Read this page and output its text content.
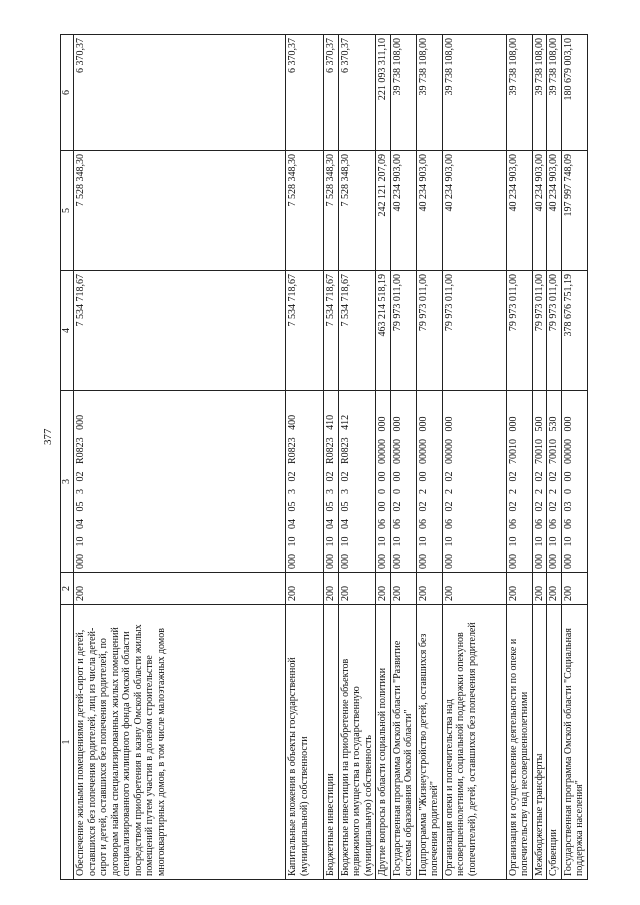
377
1	2	3	4	5	6
Обеспечение жилыми помещениями детей-сирот и детей, оставшихся без попечения родителей, лиц из числа детей-сирот и детей, оставшихся без попечения родителей, по договорам найма специализированных жилых помещений специализированного жилищного фонда Омской области посредством приобретения в казну Омской области жилых помещений путем участия в долевом строительстве многоквартирных домов, в том числе малоэтажных домов	200	000 10 04 05 3 02 R0823 000	7 534 718,67	7 528 348,30	6 370,37
Капитальные вложения в объекты государственной (муниципальной) собственности	200	000 10 04 05 3 02 R0823 400	7 534 718,67	7 528 348,30	6 370,37
Бюджетные инвестиции	200	000 10 04 05 3 02 R0823 410	7 534 718,67	7 528 348,30	6 370,37
Бюджетные инвестиции на приобретение объектов недвижимого имущества в государственную (муниципальную) собственность	200	000 10 04 05 3 02 R0823 412	7 534 718,67	7 528 348,30	6 370,37
Другие вопросы в области социальной политики	200	000 10 06 00 0 00 00000 000	463 214 518,19	242 121 207,09	221 093 311,10
Государственная программа Омской области "Развитие системы образования Омской области"	200	000 10 06 02 0 00 00000 000	79 973 011,00	40 234 903,00	39 738 108,00
Подпрограмма "Жизнеустройство детей, оставшихся без попечения родителей"	200	000 10 06 02 2 00 00000 000	79 973 011,00	40 234 903,00	39 738 108,00
Организация опеки и попечительства над несовершеннолетними, социальной поддержки опекунов (попечителей), детей, оставшихся без попечения родителей	200	000 10 06 02 2 02 00000 000	79 973 011,00	40 234 903,00	39 738 108,00
Организация и осуществление деятельности по опеке и попечительству над несовершеннолетними	200	000 10 06 02 2 02 70010 000	79 973 011,00	40 234 903,00	39 738 108,00
Межбюджетные трансферты	200	000 10 06 02 2 02 70010 500	79 973 011,00	40 234 903,00	39 738 108,00
Субвенции	200	000 10 06 02 2 02 70010 530	79 973 011,00	40 234 903,00	39 738 108,00
Государственная программа Омской области "Социальная поддержка населения"	200	000 10 06 03 0 00 00000 000	378 676 751,19	197 997 748,09	180 679 003,10
